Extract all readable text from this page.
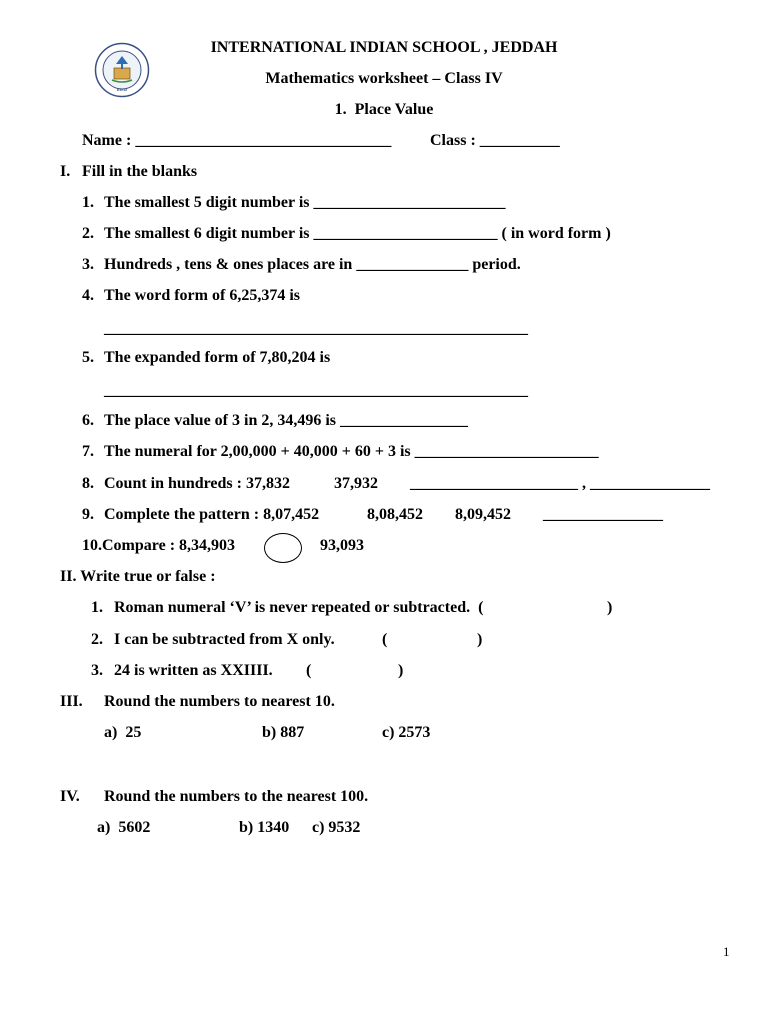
ESTD
INTERNATIONAL INDIAN SCHOOL , JEDDAH
Mathematics worksheet – Class IV
1.  Place Value
Name : ________________________________ Class : __________
I. Fill in the blanks
1. The smallest 5 digit number is ________________________
2. The smallest 6 digit number is _______________________ ( in word form )
3. Hundreds , tens & ones places are in ______________ period.
4. The word form of 6,25,374 is
_____________________________________________________
5. The expanded form of 7,80,204 is
_____________________________________________________
6. The place value of 3 in 2, 34,496 is ________________
7. The numeral for 2,00,000 + 40,000 + 60 + 3 is _______________________
8. Count in hundreds : 37,832	37,932 _____________________ , _______________
9. Complete the pattern : 8,07,452	8,08,452 8,09,452 _______________
10.Compare : 8,34,903	93,093
II. Write true or false :
1. Roman numeral ‘V’ is never repeated or subtracted.  (	)
2. I can be subtracted from X only.	(	)
3. 24 is written as XXIIII. (	)
III. Round the numbers to nearest 10.
a)  25	b) 887	c) 2573
IV. Round the numbers to the nearest 100.
a)  5602	b) 1340 c) 9532
1
